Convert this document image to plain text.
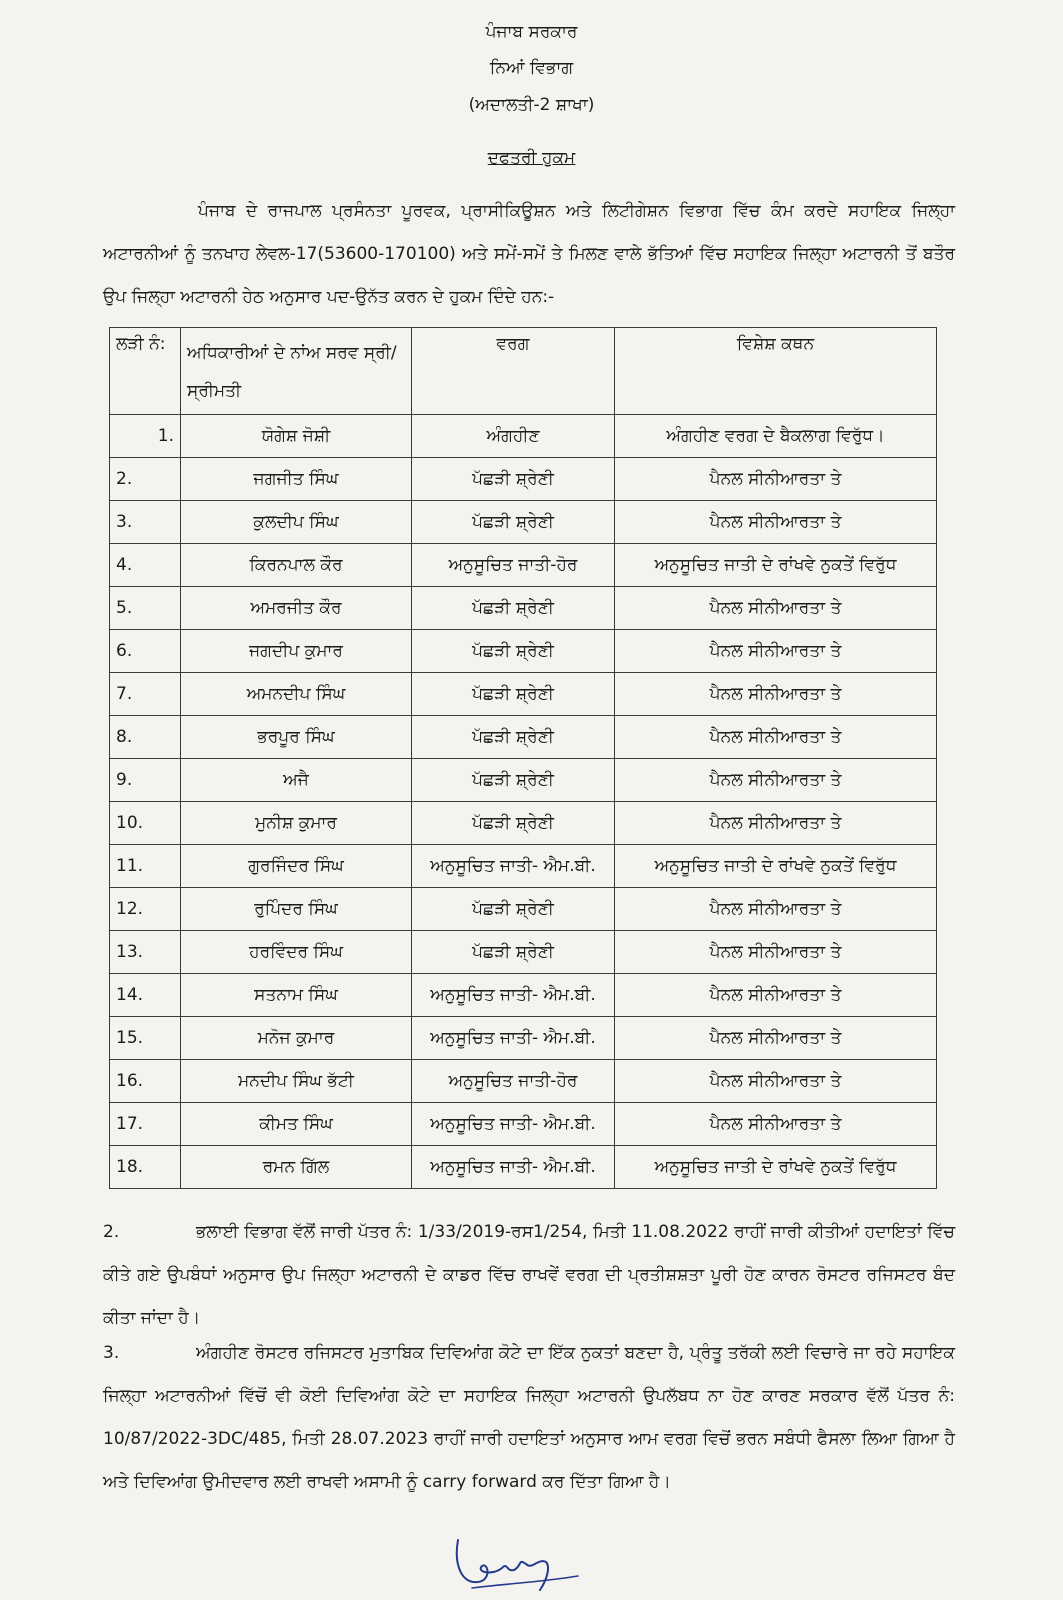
ਪੰਜਾਬ ਸਰਕਾਰ
ਨਿਆਂ ਵਿਭਾਗ
(ਅਦਾਲਤੀ-2 ਸ਼ਾਖਾ)
ਦਫਤਰੀ ਹੁਕਮ
ਪੰਜਾਬ ਦੇ ਰਾਜਪਾਲ ਪ੍ਰਸੰਨਤਾ ਪੂਰਵਕ, ਪ੍ਰਾਸੀਕਿਊਸ਼ਨ ਅਤੇ ਲਿਟੀਗੇਸ਼ਨ ਵਿਭਾਗ ਵਿੱਚ ਕੰਮ ਕਰਦੇ ਸਹਾਇਕ ਜਿਲ੍ਹਾ ਅਟਾਰਨੀਆਂ ਨੂੰ ਤਨਖਾਹ ਲੇਵਲ-17(53600-170100) ਅਤੇ ਸਮੇਂ-ਸਮੇਂ ਤੇ ਮਿਲਣ ਵਾਲੇ ਭੱਤਿਆਂ ਵਿੱਚ ਸਹਾਇਕ ਜਿਲ੍ਹਾ ਅਟਾਰਨੀ ਤੋਂ ਬਤੌਰ ਉਪ ਜਿਲ੍ਹਾ ਅਟਾਰਨੀ ਹੇਠ ਅਨੁਸਾਰ ਪਦ-ਉਨੱਤ ਕਰਨ ਦੇ ਹੁਕਮ ਦਿੰਦੇ ਹਨ:-
ਲੜੀ ਨੰ:	ਅਧਿਕਾਰੀਆਂ ਦੇ ਨਾਂਅ ਸਰਵ ਸ੍ਰੀ/ਸ੍ਰੀਮਤੀ	ਵਰਗ	ਵਿਸ਼ੇਸ਼ ਕਥਨ
1.	ਯੋਗੇਸ਼ ਜੋਸ਼ੀ	ਅੰਗਹੀਣ	ਅੰਗਹੀਣ ਵਰਗ ਦੇ ਬੈਕਲਾਗ ਵਿਰੁੱਧ।
2.	ਜਗਜੀਤ ਸਿੰਘ	ਪੱਛੜੀ ਸ਼੍ਰੇਣੀ	ਪੈਨਲ ਸੀਨੀਆਰਤਾ ਤੇ
3.	ਕੁਲਦੀਪ ਸਿੰਘ	ਪੱਛੜੀ ਸ਼੍ਰੇਣੀ	ਪੈਨਲ ਸੀਨੀਆਰਤਾ ਤੇ
4.	ਕਿਰਨਪਾਲ ਕੌਰ	ਅਨੁਸੂਚਿਤ ਜਾਤੀ-ਹੋਰ	ਅਨੁਸੂਚਿਤ ਜਾਤੀ ਦੇ ਰਾਂਖਵੇ ਨੁਕਤੇਂ ਵਿਰੁੱਧ
5.	ਅਮਰਜੀਤ ਕੌਰ	ਪੱਛੜੀ ਸ਼੍ਰੇਣੀ	ਪੈਨਲ ਸੀਨੀਆਰਤਾ ਤੇ
6.	ਜਗਦੀਪ ਕੁਮਾਰ	ਪੱਛੜੀ ਸ਼੍ਰੇਣੀ	ਪੈਨਲ ਸੀਨੀਆਰਤਾ ਤੇ
7.	ਅਮਨਦੀਪ ਸਿੰਘ	ਪੱਛੜੀ ਸ਼੍ਰੇਣੀ	ਪੈਨਲ ਸੀਨੀਆਰਤਾ ਤੇ
8.	ਭਰਪੂਰ ਸਿੰਘ	ਪੱਛੜੀ ਸ਼੍ਰੇਣੀ	ਪੈਨਲ ਸੀਨੀਆਰਤਾ ਤੇ
9.	ਅਜੈ	ਪੱਛੜੀ ਸ਼੍ਰੇਣੀ	ਪੈਨਲ ਸੀਨੀਆਰਤਾ ਤੇ
10.	ਮੁਨੀਸ਼ ਕੁਮਾਰ	ਪੱਛੜੀ ਸ਼੍ਰੇਣੀ	ਪੈਨਲ ਸੀਨੀਆਰਤਾ ਤੇ
11.	ਗੁਰਜਿੰਦਰ ਸਿੰਘ	ਅਨੁਸੂਚਿਤ ਜਾਤੀ- ਐਮ.ਬੀ.	ਅਨੁਸੂਚਿਤ ਜਾਤੀ ਦੇ ਰਾਂਖਵੇ ਨੁਕਤੇਂ ਵਿਰੁੱਧ
12.	ਰੁਪਿੰਦਰ ਸਿੰਘ	ਪੱਛੜੀ ਸ਼੍ਰੇਣੀ	ਪੈਨਲ ਸੀਨੀਆਰਤਾ ਤੇ
13.	ਹਰਵਿੰਦਰ ਸਿੰਘ	ਪੱਛੜੀ ਸ਼੍ਰੇਣੀ	ਪੈਨਲ ਸੀਨੀਆਰਤਾ ਤੇ
14.	ਸਤਨਾਮ ਸਿੰਘ	ਅਨੁਸੂਚਿਤ ਜਾਤੀ- ਐਮ.ਬੀ.	ਪੈਨਲ ਸੀਨੀਆਰਤਾ ਤੇ
15.	ਮਨੋਜ ਕੁਮਾਰ	ਅਨੁਸੂਚਿਤ ਜਾਤੀ- ਐਮ.ਬੀ.	ਪੈਨਲ ਸੀਨੀਆਰਤਾ ਤੇ
16.	ਮਨਦੀਪ ਸਿੰਘ ਭੱਟੀ	ਅਨੁਸੂਚਿਤ ਜਾਤੀ-ਹੋਰ	ਪੈਨਲ ਸੀਨੀਆਰਤਾ ਤੇ
17.	ਕੀਮਤ ਸਿੰਘ	ਅਨੁਸੂਚਿਤ ਜਾਤੀ- ਐਮ.ਬੀ.	ਪੈਨਲ ਸੀਨੀਆਰਤਾ ਤੇ
18.	ਰਮਨ ਗਿੱਲ	ਅਨੁਸੂਚਿਤ ਜਾਤੀ- ਐਮ.ਬੀ.	ਅਨੁਸੂਚਿਤ ਜਾਤੀ ਦੇ ਰਾਂਖਵੇ ਨੁਕਤੇਂ ਵਿਰੁੱਧ
2.	ਭਲਾਈ ਵਿਭਾਗ ਵੱਲੋਂ ਜਾਰੀ ਪੱਤਰ ਨੰ: 1/33/2019-ਰਸ1/254, ਮਿਤੀ 11.08.2022 ਰਾਹੀਂ ਜਾਰੀ ਕੀਤੀਆਂ ਹਦਾਇਤਾਂ ਵਿੱਚ ਕੀਤੇ ਗਏ ਉਪਬੰਧਾਂ ਅਨੁਸਾਰ ਉਪ ਜਿਲ੍ਹਾ ਅਟਾਰਨੀ ਦੇ ਕਾਡਰ ਵਿੱਚ ਰਾਖਵੇਂ ਵਰਗ ਦੀ ਪ੍ਰਤੀਸ਼ਸ਼ਤਾ ਪੂਰੀ ਹੋਣ ਕਾਰਨ ਰੋਸਟਰ ਰਜਿਸਟਰ ਬੰਦ ਕੀਤਾ ਜਾਂਦਾ ਹੈ।
3.	ਅੰਗਹੀਣ ਰੋਸਟਰ ਰਜਿਸਟਰ ਮੁਤਾਬਿਕ ਦਿਵਿਆਂਗ ਕੋਟੇ ਦਾ ਇੱਕ ਨੁਕਤਾਂ ਬਣਦਾ ਹੈ, ਪ੍ਰੰਤੂ ਤਰੱਕੀ ਲਈ ਵਿਚਾਰੇ ਜਾ ਰਹੇ ਸਹਾਇਕ ਜਿਲ੍ਹਾ ਅਟਾਰਨੀਆਂ ਵਿੱਚੋਂ ਵੀ ਕੋਈ ਦਿਵਿਆਂਗ ਕੋਟੇ ਦਾ ਸਹਾਇਕ ਜਿਲ੍ਹਾ ਅਟਾਰਨੀ ਉਪਲੱਬਧ ਨਾ ਹੋਣ ਕਾਰਣ ਸਰਕਾਰ ਵੱਲੋਂ ਪੱਤਰ ਨੰ: 10/87/2022-3DC/485, ਮਿਤੀ 28.07.2023 ਰਾਹੀਂ ਜਾਰੀ ਹਦਾਇਤਾਂ ਅਨੁਸਾਰ ਆਮ ਵਰਗ ਵਿਚੋਂ ਭਰਨ ਸਬੰਧੀ ਫੈਸਲਾ ਲਿਆ ਗਿਆ ਹੈ ਅਤੇ ਦਿਵਿਆਂਗ ਉਮੀਦਵਾਰ ਲਈ ਰਾਖਵੀ ਅਸਾਮੀ ਨੂੰ carry forward ਕਰ ਦਿੱਤਾ ਗਿਆ ਹੈ।
